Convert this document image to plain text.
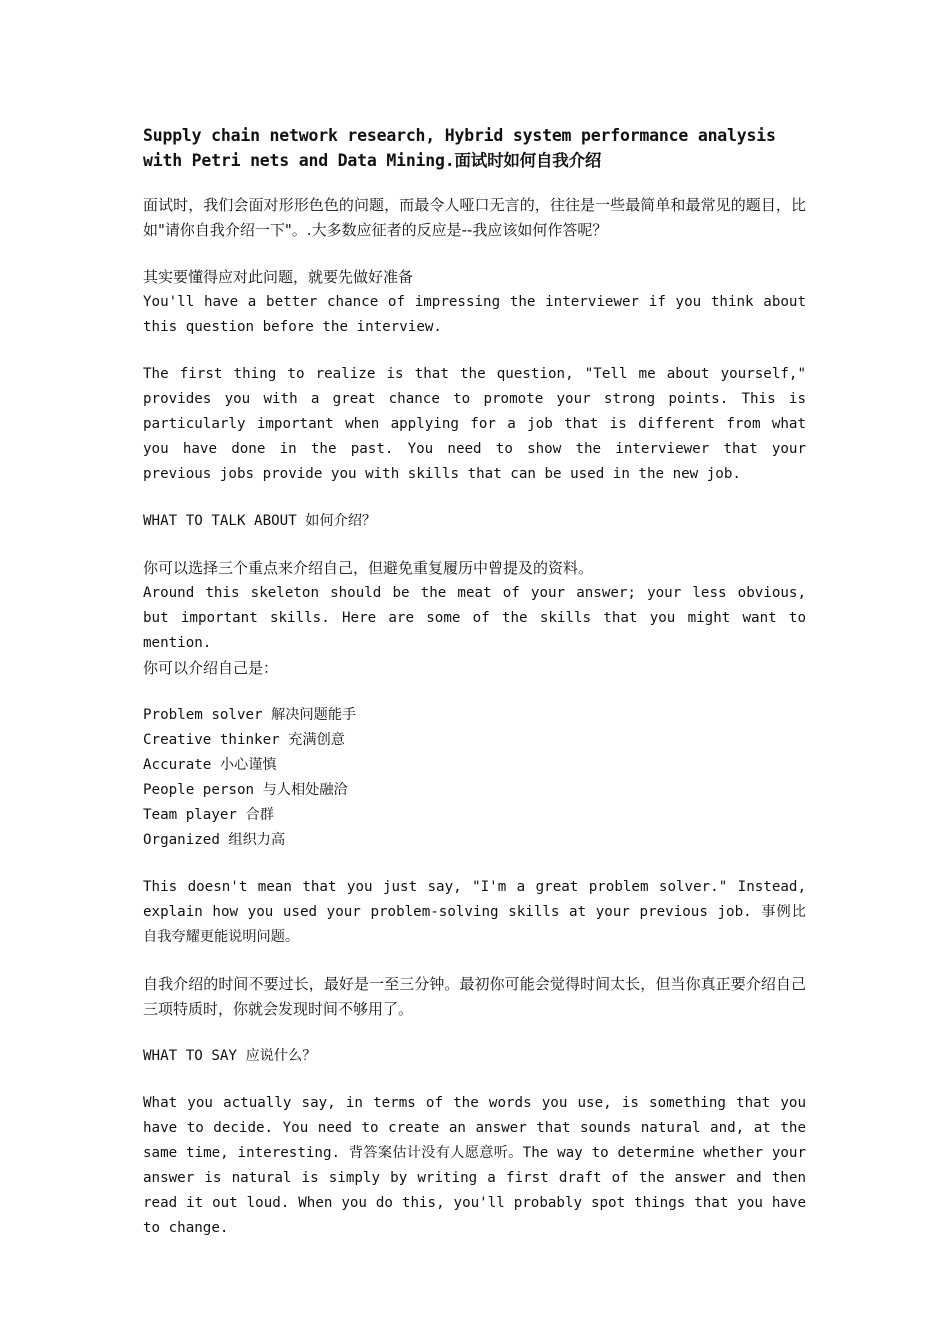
Supply chain network research, Hybrid system performance analysis
with Petri nets and Data Mining.面试时如何自我介绍
面试时，我们会面对形形色色的问题，而最令人哑口无言的，往往是一些最简单和最常见的题目，比如"请你自我介绍一下"。.大多数应征者的反应是--我应该如何作答呢？
其实要懂得应对此问题，就要先做好准备
You'll have a better chance of impressing the interviewer if you think about this question before the interview.
The first thing to realize is that the question, "Tell me about yourself," provides you with a great chance to promote your strong points. This is particularly important when applying for a job that is different from what you have done in the past. You need to show the interviewer that your previous jobs provide you with skills that can be used in the new job.
WHAT TO TALK ABOUT 如何介绍？
你可以选择三个重点来介绍自己，但避免重复履历中曾提及的资料。
Around this skeleton should be the meat of your answer; your less obvious, but important skills. Here are some of the skills that you might want to mention.
你可以介绍自己是：
Problem solver 解决问题能手
Creative thinker 充满创意
Accurate 小心谨慎
People person 与人相处融洽
Team player 合群
Organized 组织力高
This doesn't mean that you just say, "I'm a great problem solver." Instead, explain how you used your problem-solving skills at your previous job. 事例比自我夸耀更能说明问题。
自我介绍的时间不要过长，最好是一至三分钟。最初你可能会觉得时间太长，但当你真正要介绍自己三项特质时，你就会发现时间不够用了。
WHAT TO SAY 应说什么？
What you actually say, in terms of the words you use, is something that you have to decide. You need to create an answer that sounds natural and, at the same time, interesting. 背答案估计没有人愿意听。The way to determine whether your answer is natural is simply by writing a first draft of the answer and then read it out loud. When you do this, you'll probably spot things that you have to change.
